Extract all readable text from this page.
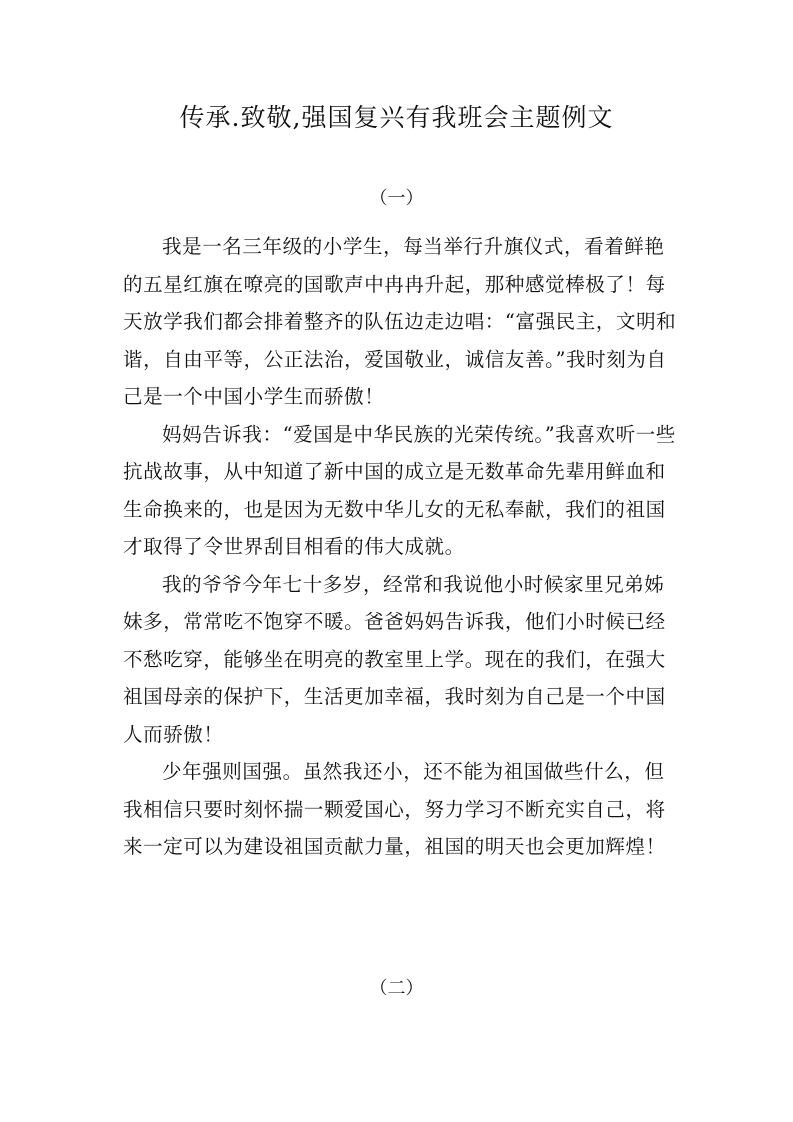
传承.致敬,强国复兴有我班会主题例文
（一）

我是一名三年级的小学生，每当举行升旗仪式，看着鲜艳的五星红旗在嘹亮的国歌声中冉冉升起，那种感觉棒极了！每天放学我们都会排着整齐的队伍边走边唱：“富强民主，文明和谐，自由平等，公正法治，爱国敬业，诚信友善。”我时刻为自己是一个中国小学生而骄傲！

妈妈告诉我：“爱国是中华民族的光荣传统。”我喜欢听一些抗战故事，从中知道了新中国的成立是无数革命先辈用鲜血和生命换来的，也是因为无数中华儿女的无私奉献，我们的祖国才取得了令世界刮目相看的伟大成就。

我的爷爷今年七十多岁，经常和我说他小时候家里兄弟姊妹多，常常吃不饱穿不暖。爸爸妈妈告诉我，他们小时候已经不愁吃穿，能够坐在明亮的教室里上学。现在的我们，在强大祖国母亲的保护下，生活更加幸福，我时刻为自己是一个中国人而骄傲！

少年强则国强。虽然我还小，还不能为祖国做些什么，但我相信只要时刻怀揣一颗爱国心，努力学习不断充实自己，将来一定可以为建设祖国贡献力量，祖国的明天也会更加辉煌！

（二）
